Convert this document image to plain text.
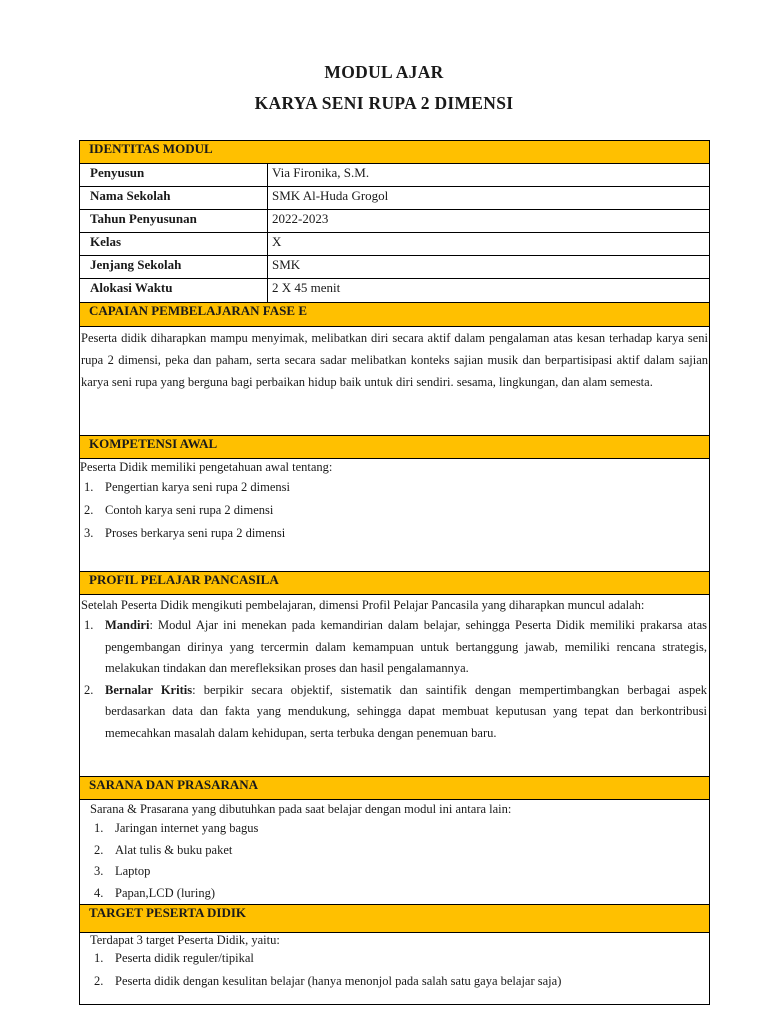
MODUL AJAR
KARYA SENI RUPA 2 DIMENSI
IDENTITAS MODUL
Penyusun	Via Fironika, S.M.
Nama Sekolah	SMK Al-Huda Grogol
Tahun Penyusunan	2022-2023
Kelas	X
Jenjang Sekolah	SMK
Alokasi Waktu	2 X 45 menit
CAPAIAN PEMBELAJARAN FASE E
Peserta didik diharapkan mampu menyimak, melibatkan diri secara aktif dalam pengalaman atas kesan terhadap karya seni rupa 2 dimensi, peka dan paham, serta secara sadar melibatkan konteks sajian musik dan berpartisipasi aktif dalam sajian karya seni rupa yang berguna bagi perbaikan hidup baik untuk diri sendiri. sesama, lingkungan, dan alam semesta.
KOMPETENSI AWAL
Peserta Didik memiliki pengetahuan awal tentang:
1. Pengertian karya seni rupa 2 dimensi
2. Contoh karya seni rupa 2 dimensi
3. Proses berkarya seni rupa 2 dimensi
PROFIL PELAJAR PANCASILA
Setelah Peserta Didik mengikuti pembelajaran, dimensi Profil Pelajar Pancasila yang diharapkan muncul adalah:
1. Mandiri: Modul Ajar ini menekan pada kemandirian dalam belajar, sehingga Peserta Didik memiliki prakarsa atas pengembangan dirinya yang tercermin dalam kemampuan untuk bertanggung jawab, memiliki rencana strategis, melakukan tindakan dan merefleksikan proses dan hasil pengalamannya.
2. Bernalar Kritis: berpikir secara objektif, sistematik dan saintifik dengan mempertimbangkan berbagai aspek berdasarkan data dan fakta yang mendukung, sehingga dapat membuat keputusan yang tepat dan berkontribusi memecahkan masalah dalam kehidupan, serta terbuka dengan penemuan baru.
SARANA DAN PRASARANA
Sarana & Prasarana yang dibutuhkan pada saat belajar dengan modul ini antara lain:
1. Jaringan internet yang bagus
2. Alat tulis & buku paket
3. Laptop
4. Papan,LCD (luring)
TARGET PESERTA DIDIK
Terdapat 3 target Peserta Didik, yaitu:
1. Peserta didik reguler/tipikal
2. Peserta didik dengan kesulitan belajar (hanya menonjol pada salah satu gaya belajar saja)
